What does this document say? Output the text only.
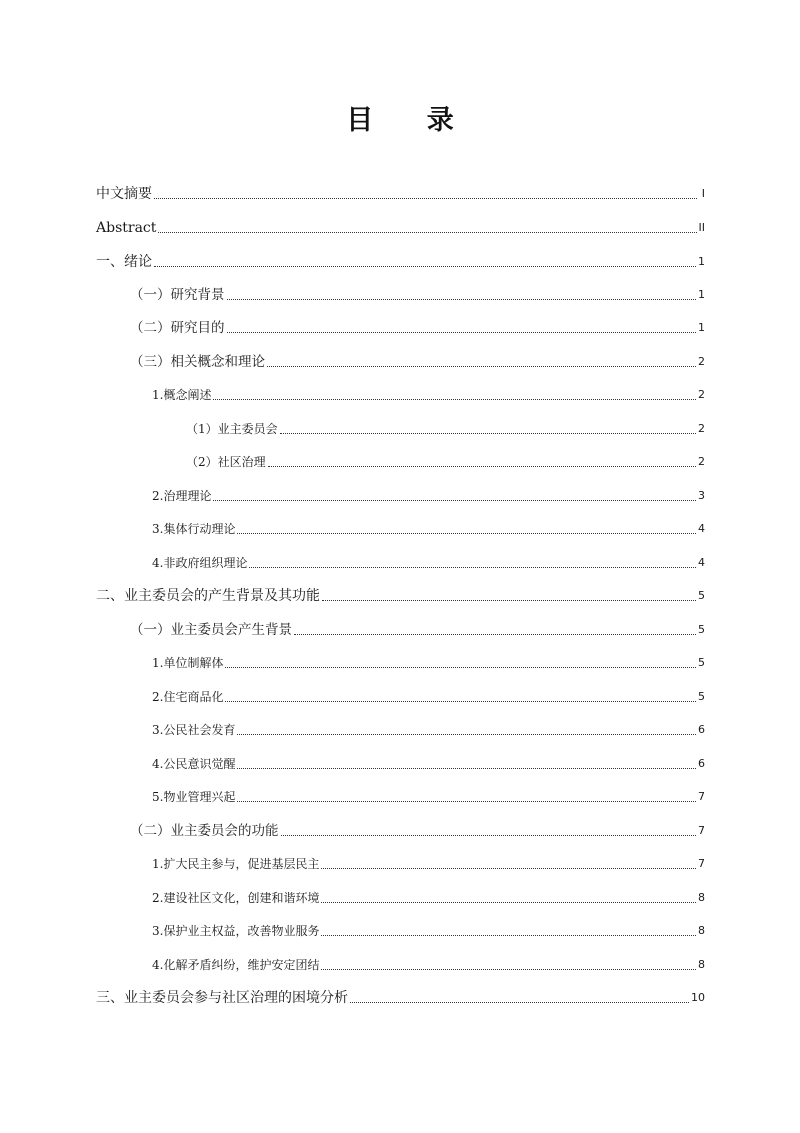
目 录
中文摘要	I
Abstract	II
一、绪论	1
（一）研究背景	1
（二）研究目的	1
（三）相关概念和理论	2
1.概念阐述	2
（1）业主委员会	2
（2）社区治理	2
2.治理理论	3
3.集体行动理论	4
4.非政府组织理论	4
二、业主委员会的产生背景及其功能	5
（一）业主委员会产生背景	5
1.单位制解体	5
2.住宅商品化	5
3.公民社会发育	6
4.公民意识觉醒	6
5.物业管理兴起	7
（二）业主委员会的功能	7
1.扩大民主参与，促进基层民主	7
2.建设社区文化，创建和谐环境	8
3.保护业主权益，改善物业服务	8
4.化解矛盾纠纷，维护安定团结	8
三、业主委员会参与社区治理的困境分析	10
